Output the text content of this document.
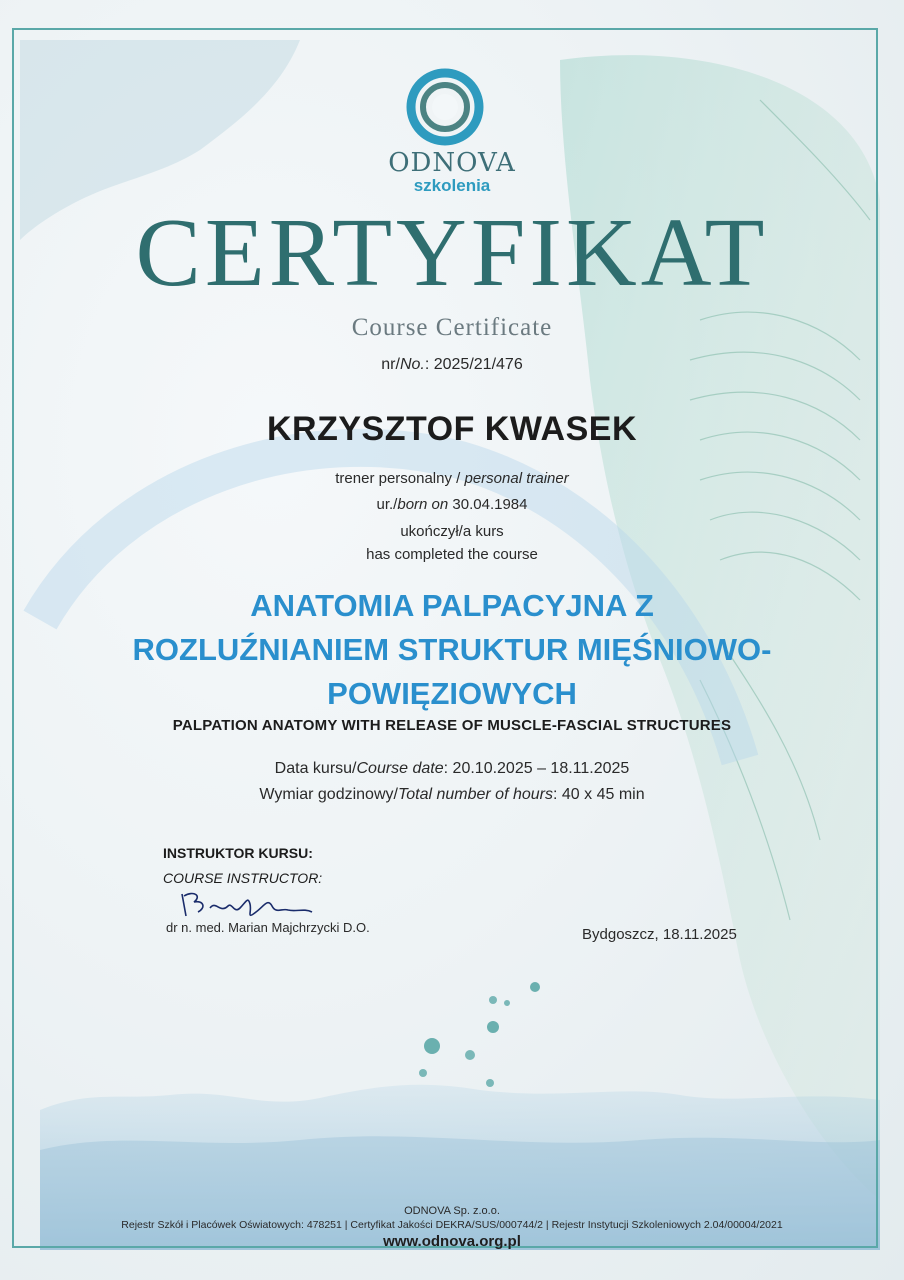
ODNOVA
szkolenia
CERTYFIKAT
Course Certificate
nr/No.: 2025/21/476
KRZYSZTOF KWASEK
trener personalny / personal trainer
ur./born on 30.04.1984
ukończył/a kurs
has completed the course
ANATOMIA PALPACYJNA Z
ROZLUŹNIANIEM STRUKTUR MIĘŚNIOWO-
POWIĘZIOWYCH
PALPATION ANATOMY WITH RELEASE OF MUSCLE-FASCIAL STRUCTURES
Data kursu/Course date: 20.10.2025 – 18.11.2025
Wymiar godzinowy/Total number of hours: 40 x 45 min
INSTRUKTOR KURSU:
COURSE INSTRUCTOR:
dr n. med. Marian Majchrzycki D.O.	Bydgoszcz, 18.11.2025
ODNOVA Sp. z.o.o.
Rejestr Szkół i Placówek Oświatowych: 478251 | Certyfikat Jakości DEKRA/SUS/000744/2 | Rejestr Instytucji Szkoleniowych 2.04/00004/2021
www.odnova.org.pl
